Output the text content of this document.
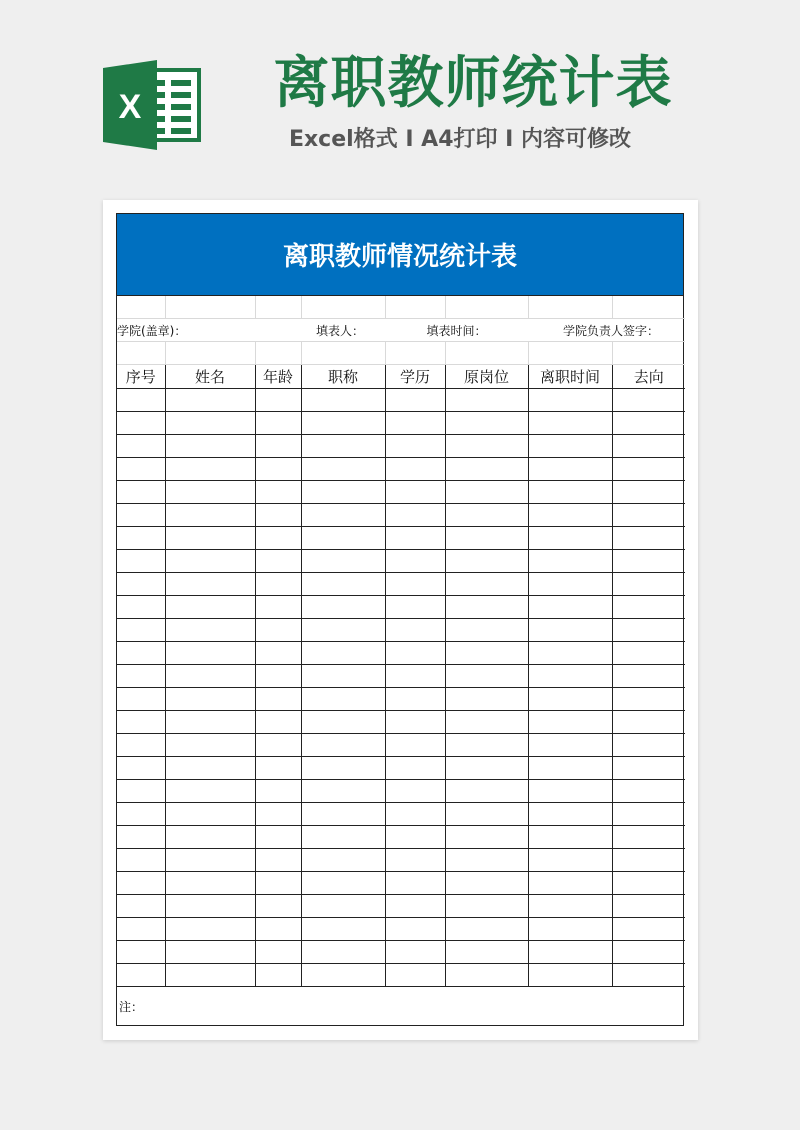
X 离职教师统计表
Excel格式 I A4打印 I 内容可修改
离职教师情况统计表

学院(盖章)：		填表人：		填表时间：		学院负责人签字：	

序号	姓名	年龄	职称	学历	原岗位	离职时间	去向

注：
